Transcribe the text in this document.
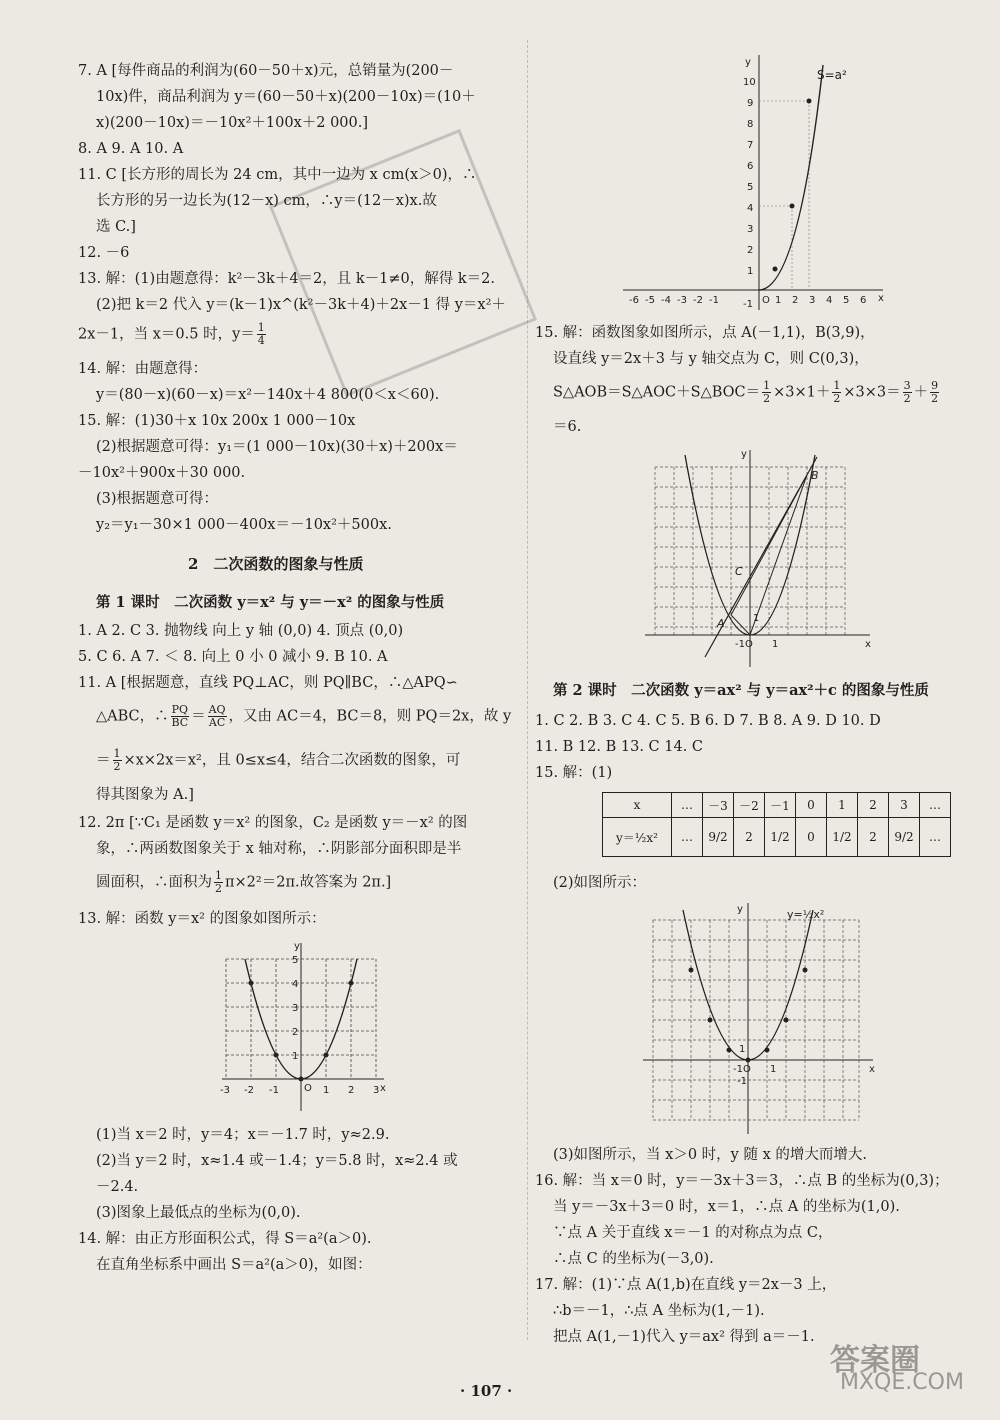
7. A [每件商品的利润为(60－50＋x)元，总销量为(200－
10x)件，商品利润为 y＝(60－50＋x)(200－10x)＝(10＋
x)(200－10x)＝－10x²＋100x＋2 000.]
8. A 9. A 10. A
11. C [长方形的周长为 24 cm，其中一边为 x cm(x＞0)，∴
长方形的另一边长为(12－x) cm，∴y＝(12－x)x.故
选 C.]
12. －6
13. 解：(1)由题意得：k²－3k＋4＝2，且 k－1≠0，解得 k＝2.
(2)把 k＝2 代入 y＝(k－1)x^(k²－3k＋4)＋2x－1 得 y＝x²＋
2x－1，当 x＝0.5 时，$y= \frac{1}{4}$
14. 解：由题意得：
y＝(80－x)(60－x)＝x²－140x＋4 800(0＜x＜60).
15. 解：(1)30＋x 10x 200x 1 000－10x
(2)根据题意可得：y₁＝(1 000－10x)(30＋x)＋200x＝
－10x²＋900x＋30 000.
(3)根据题意可得：
y₂＝y₁－30×1 000－400x＝－10x²＋500x.
2　二次函数的图象与性质
第 1 课时　二次函数 y＝x² 与 y＝－x² 的图象与性质
1. A 2. C 3. 抛物线 向上 y 轴 (0,0) 4. 顶点 (0,0)
5. C 6. A 7. ＜ 8. 向上 0 小 0 减小 9. B 10. A
11. A [根据题意，直线 PQ⊥AC，则 PQ∥BC，∴△APQ∽
△ABC，∴ $\frac{PQ}{BC} = \frac{AQ}{AC}$ ，又由 AC＝4，BC＝8，则 PQ＝2x，故 y
＝ $\frac{1}{2} \times x\times 2x=x^2$，且 0≤x≤4，结合二次函数的图象，可
得其图象为 A.]
12. 2π [∵C₁ 是函数 y＝x² 的图象，C₂ 是函数 y＝－x² 的图
象，∴两函数图象关于 x 轴对称，∴阴影部分面积即是半
圆面积，∴面积为 $\frac{1}{2} \pi\times 2^2=2\pi$.故答案为 2π.]
13. 解：函数 y＝x² 的图象如图所示：
y
x
O
5
4
3
2
1
-3 -2 -1	1 2 3
(1)当 x＝2 时，y＝4；x＝－1.7 时，y≈2.9.
(2)当 y＝2 时，x≈1.4 或－1.4；y＝5.8 时，x≈2.4 或
－2.4.
(3)图象上最低点的坐标为(0,0).
14. 解：由正方形面积公式，得 S＝a²(a＞0).
在直角坐标系中画出 S＝a²(a＞0)，如图：
S=a²
y
x
O
10
9
8
7
6
5
4
3
2
1
-1
-6 -5 -4 -3 -2 -1	1 2 3 4 5 6
15. 解：函数图象如图所示，点 A(－1,1)，B(3,9)，
设直线 y＝2x＋3 与 y 轴交点为 C，则 C(0,3)，
S△AOB＝S△AOC＋S△BOC＝ $\frac{1}{2} \times 3\times 1+ \frac{1}{2} \times 3\times 3= \frac{3}{2} + \frac{9}{2}$
＝6.
B
C
A
y
x
-1O 1
1
第 2 课时　二次函数 y＝ax² 与 y＝ax²＋c 的图象与性质
1. C 2. B 3. C 4. C 5. B 6. D 7. B 8. A 9. D 10. D
11. B 12. B 13. C 14. C
15. 解：(1)
x	…	－3	－2	－1	0	1	2	3	…
y＝½x²	…	9/2	2	1/2	0	1/2	2	9/2	…
(2)如图所示：
y=½x²
y
x
-1O 1
1
-1
(3)如图所示，当 x＞0 时，y 随 x 的增大而增大.
16. 解：当 x＝0 时，y＝－3x＋3＝3，∴点 B 的坐标为(0,3)；
当 y＝－3x＋3＝0 时，x＝1，∴点 A 的坐标为(1,0).
∵点 A 关于直线 x＝－1 的对称点为点 C，
∴点 C 的坐标为(－3,0).
17. 解：(1)∵点 A(1,b)在直线 y＝2x－3 上，
∴b＝－1，∴点 A 坐标为(1,－1).
把点 A(1,－1)代入 y＝ax² 得到 a＝－1.
· 107 ·
答案圈
MXQE.COM
